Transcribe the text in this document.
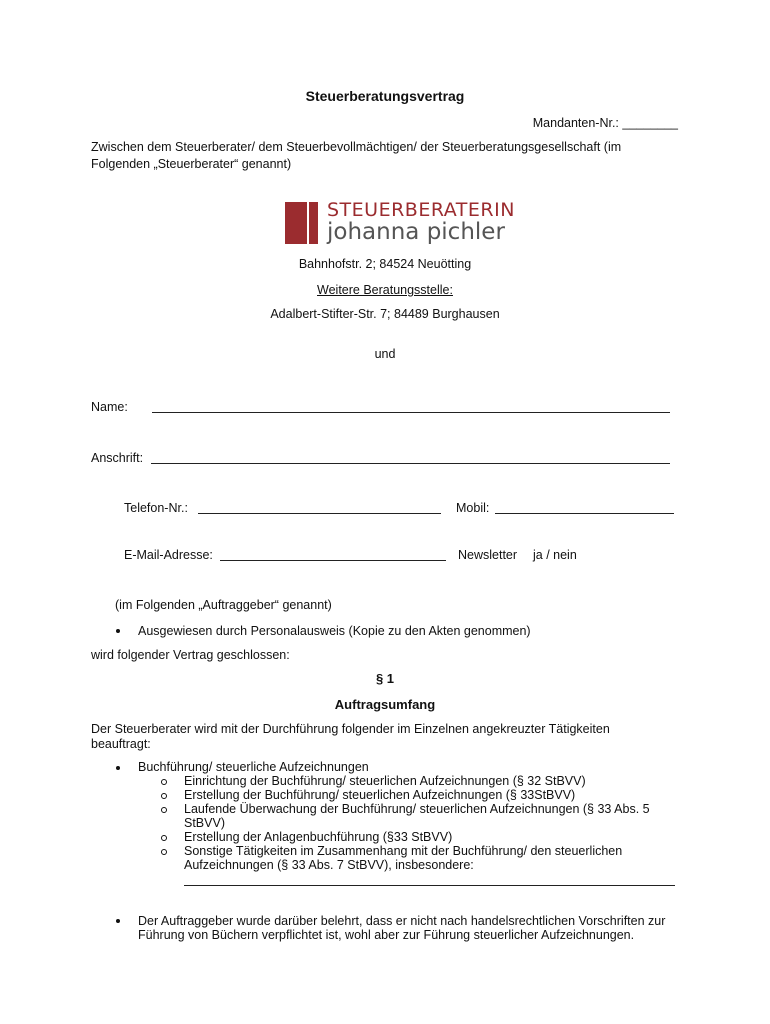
Steuerberatungsvertrag
Mandanten-Nr.: ________
Zwischen dem Steuerberater/ dem Steuerbevollmächtigen/ der Steuerberatungsgesellschaft (im Folgenden „Steuerberater“ genannt)
STEUERBERATERIN
johanna pichler
Bahnhofstr. 2; 84524 Neuötting
Weitere Beratungsstelle:
Adalbert-Stifter-Str. 7; 84489 Burghausen
und
Name:
Anschrift:
Telefon-Nr.:	Mobil:
E-Mail-Adresse:	Newsletter ja / nein
(im Folgenden „Auftraggeber“ genannt)
Ausgewiesen durch Personalausweis (Kopie zu den Akten genommen)
wird folgender Vertrag geschlossen:
§ 1
Auftragsumfang
Der Steuerberater wird mit der Durchführung folgender im Einzelnen angekreuzter Tätigkeiten beauftragt:
Buchführung/ steuerliche Aufzeichnungen
Einrichtung der Buchführung/ steuerlichen Aufzeichnungen (§ 32 StBVV)
Erstellung der Buchführung/ steuerlichen Aufzeichnungen (§ 33StBVV)
Laufende Überwachung der Buchführung/ steuerlichen Aufzeichnungen (§ 33 Abs. 5 StBVV)
Erstellung der Anlagenbuchführung (§33 StBVV)
Sonstige Tätigkeiten im Zusammenhang mit der Buchführung/ den steuerlichen Aufzeichnungen (§ 33 Abs. 7 StBVV), insbesondere:
Der Auftraggeber wurde darüber belehrt, dass er nicht nach handelsrechtlichen Vorschriften zur Führung von Büchern verpflichtet ist, wohl aber zur Führung steuerlicher Aufzeichnungen.
